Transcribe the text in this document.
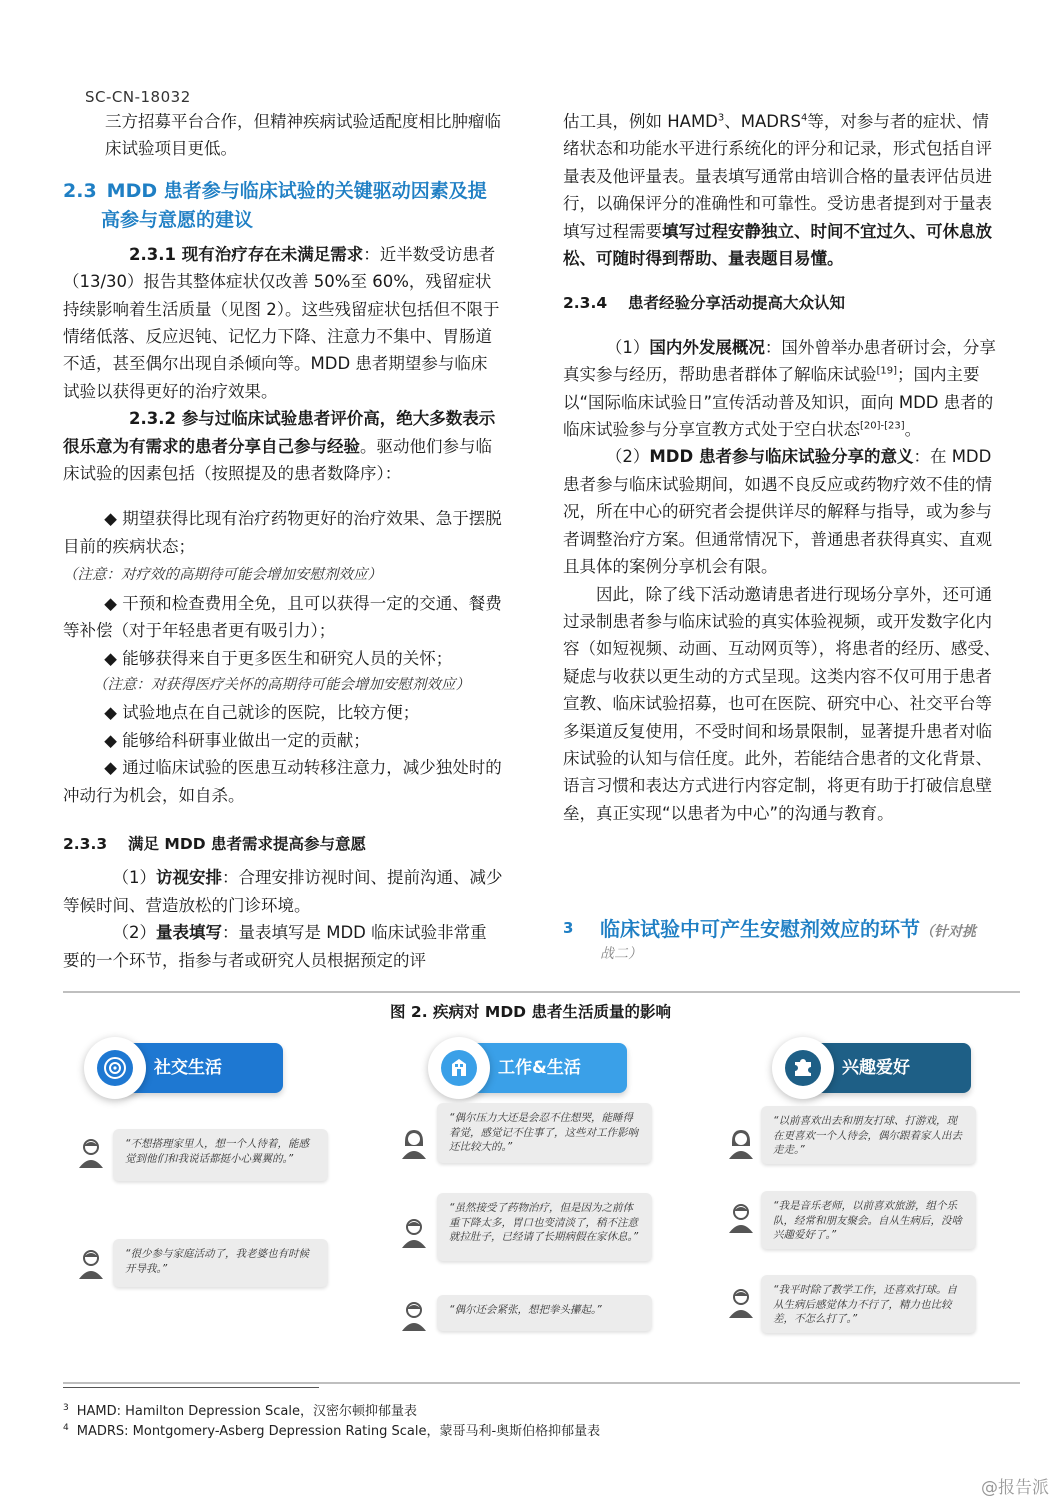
SC-CN-18032

三方招募平台合作，但精神疾病试验适配度相比肿瘤临床试验项目更低。

2.3 MDD 患者参与临床试验的关键驱动因素及提
高参与意愿的建议

2.3.1 现有治疗存在未满足需求：近半数受访患者（13/30）报告其整体症状仅改善 50%至 60%，残留症状持续影响着生活质量（见图 2）。这些残留症状包括但不限于情绪低落、反应迟钝、记忆力下降、注意力不集中、胃肠道不适，甚至偶尔出现自杀倾向等。MDD 患者期望参与临床试验以获得更好的治疗效果。

2.3.2 参与过临床试验患者评价高，绝大多数表示很乐意为有需求的患者分享自己参与经验。驱动他们参与临床试验的因素包括（按照提及的患者数降序）：

◆ 期望获得比现有治疗药物更好的治疗效果、急于摆脱目前的疾病状态；（注意：对疗效的高期待可能会增加安慰剂效应）

◆ 干预和检查费用全免，且可以获得一定的交通、餐费等补偿（对于年轻患者更有吸引力）；

◆ 能够获得来自于更多医生和研究人员的关怀；

（注意：对获得医疗关怀的高期待可能会增加安慰剂效应）

◆ 试验地点在自己就诊的医院，比较方便；

◆ 能够给科研事业做出一定的贡献；

◆ 通过临床试验的医患互动转移注意力，减少独处时的冲动行为机会，如自杀。

2.3.3　 满足 MDD 患者需求提高参与意愿

（1）访视安排：合理安排访视时间、提前沟通、减少等候时间、营造放松的门诊环境。

（2）量表填写：量表填写是 MDD 临床试验非常重要的一个环节，指参与者或研究人员根据预定的评

估工具，例如 HAMD$^3$、MADRS$^4$等，对参与者的症状、情绪状态和功能水平进行系统化的评分和记录，形式包括自评量表及他评量表。量表填写通常由培训合格的量表评估员进行，以确保评分的准确性和可靠性。受访患者提到对于量表填写过程需要填写过程安静独立、时间不宜过久、可休息放松、可随时得到帮助、量表题目易懂。

2.3.4　 患者经验分享活动提高大众认知

（1）国内外发展概况：国外曾举办患者研讨会，分享真实参与经历，帮助患者群体了解临床试验[19]；国内主要以“国际临床试验日”宣传活动普及知识，面向 MDD 患者的临床试验参与分享宣教方式处于空白状态[20]-[23]。

（2）MDD 患者参与临床试验分享的意义：在 MDD 患者参与临床试验期间，如遇不良反应或药物疗效不佳的情况，所在中心的研究者会提供详尽的解释与指导，或为参与者调整治疗方案。但通常情况下，普通患者获得真实、直观且具体的案例分享机会有限。

因此，除了线下活动邀请患者进行现场分享外，还可通过录制患者参与临床试验的真实体验视频，或开发数字化内容（如短视频、动画、互动网页等），将患者的经历、感受、疑虑与收获以更生动的方式呈现。这类内容不仅可用于患者宣教、临床试验招募，也可在医院、研究中心、社交平台等多渠道反复使用，不受时间和场景限制，显著提升患者对临床试验的认知与信任度。此外，若能结合患者的文化背景、语言习惯和表达方式进行内容定制，将更有助于打破信息壁垒，真正实现“以患者为中心”的沟通与教育。

3 临床试验中可产生安慰剂效应的环节（针对挑
战二）
图 2. 疾病对 MDD 患者生活质量的影响
社交生活	工作&生活	兴趣爱好
“不想搭理家里人，想一个人待着，能感觉到他们和我说话都挺小心翼翼的。”
“很少参与家庭活动了，我老婆也有时候开导我。”
“偶尔压力大还是会忍不住想哭，能睡得着觉，感觉记不住事了，这些对工作影响还比较大的。”
“虽然接受了药物治疗，但是因为之前体重下降太多，胃口也变清淡了，稍不注意就拉肚子，已经请了长期病假在家休息。”
“偶尔还会紧张，想把拳头攥起。”
“以前喜欢出去和朋友打球、打游戏，现在更喜欢一个人待会，偶尔跟着家人出去走走。”
“我是音乐老师，以前喜欢旅游，组个乐队，经常和朋友聚会。自从生病后，没啥兴趣爱好了。”
“我平时除了教学工作，还喜欢打球。自从生病后感觉体力不行了，精力也比较差，不怎么打了。”
$^3$ HAMD: Hamilton Depression Scale，汉密尔顿抑郁量表
$^4$ MADRS: Montgomery-Asberg Depression Rating Scale，蒙哥马利-奥斯伯格抑郁量表
@报告派
